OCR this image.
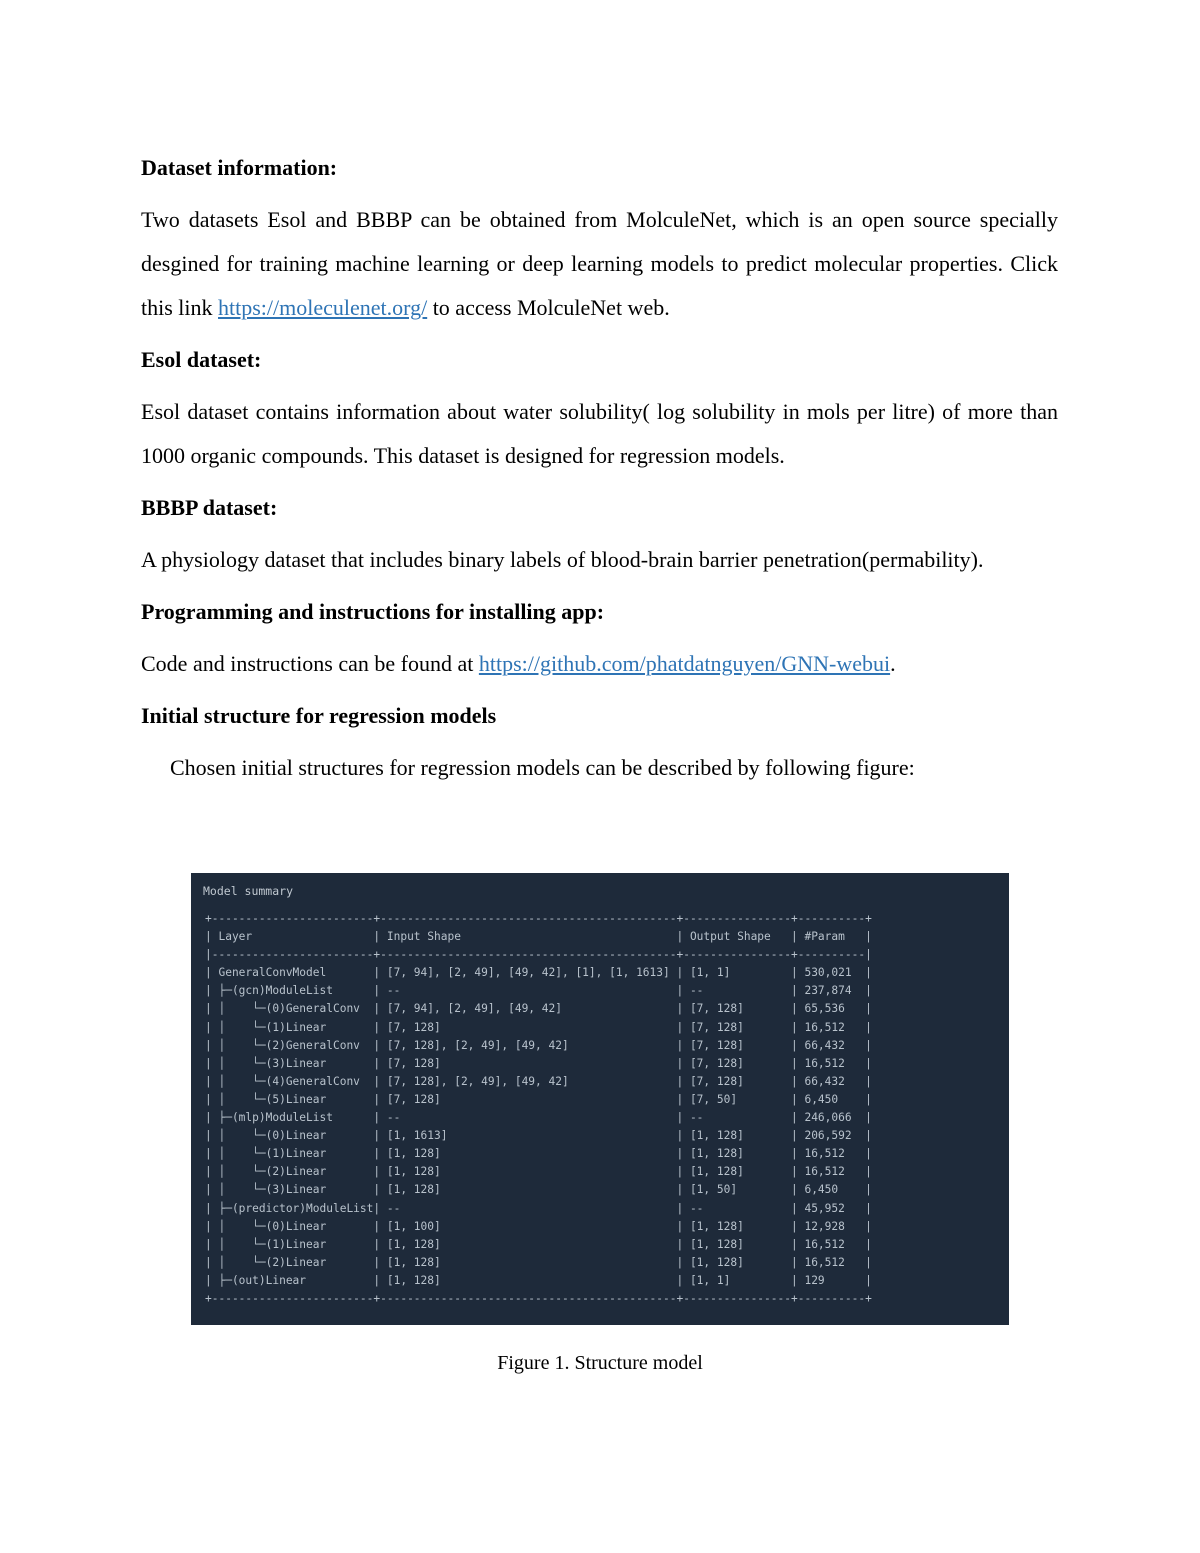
Dataset information:

Two datasets Esol and BBBP can be obtained from MolculeNet, which is an open source specially desgined for training machine learning or deep learning models to predict molecular properties. Click this link https://moleculenet.org/ to access MolculeNet web.

Esol dataset:

Esol dataset contains information about water solubility( log solubility in mols per litre) of more than 1000 organic compounds. This dataset is designed for regression models.

BBBP dataset:

A physiology dataset that includes binary labels of blood-brain barrier penetration(permability).

Programming and instructions for installing app:

Code and instructions can be found at https://github.com/phatdatnguyen/GNN-webui.

Initial structure for regression models

Chosen initial structures for regression models can be described by following figure:

Model summary
+------------------------+--------------------------------------------+----------------+----------+
| Layer                  | Input Shape                                | Output Shape   | #Param   |
|------------------------+--------------------------------------------+----------------+----------|
| GeneralConvModel       | [7, 94], [2, 49], [49, 42], [1], [1, 1613] | [1, 1]         | 530,021  |
| ├─(gcn)ModuleList      | --                                         | --             | 237,874  |
| │    └─(0)GeneralConv  | [7, 94], [2, 49], [49, 42]                 | [7, 128]       | 65,536   |
| │    └─(1)Linear       | [7, 128]                                   | [7, 128]       | 16,512   |
| │    └─(2)GeneralConv  | [7, 128], [2, 49], [49, 42]                | [7, 128]       | 66,432   |
| │    └─(3)Linear       | [7, 128]                                   | [7, 128]       | 16,512   |
| │    └─(4)GeneralConv  | [7, 128], [2, 49], [49, 42]                | [7, 128]       | 66,432   |
| │    └─(5)Linear       | [7, 128]                                   | [7, 50]        | 6,450    |
| ├─(mlp)ModuleList      | --                                         | --             | 246,066  |
| │    └─(0)Linear       | [1, 1613]                                  | [1, 128]       | 206,592  |
| │    └─(1)Linear       | [1, 128]                                   | [1, 128]       | 16,512   |
| │    └─(2)Linear       | [1, 128]                                   | [1, 128]       | 16,512   |
| │    └─(3)Linear       | [1, 128]                                   | [1, 50]        | 6,450    |
| ├─(predictor)ModuleList| --                                         | --             | 45,952   |
| │    └─(0)Linear       | [1, 100]                                   | [1, 128]       | 12,928   |
| │    └─(1)Linear       | [1, 128]                                   | [1, 128]       | 16,512   |
| │    └─(2)Linear       | [1, 128]                                   | [1, 128]       | 16,512   |
| ├─(out)Linear          | [1, 128]                                   | [1, 1]         | 129      |
+------------------------+--------------------------------------------+----------------+----------+
Figure 1. Structure model
